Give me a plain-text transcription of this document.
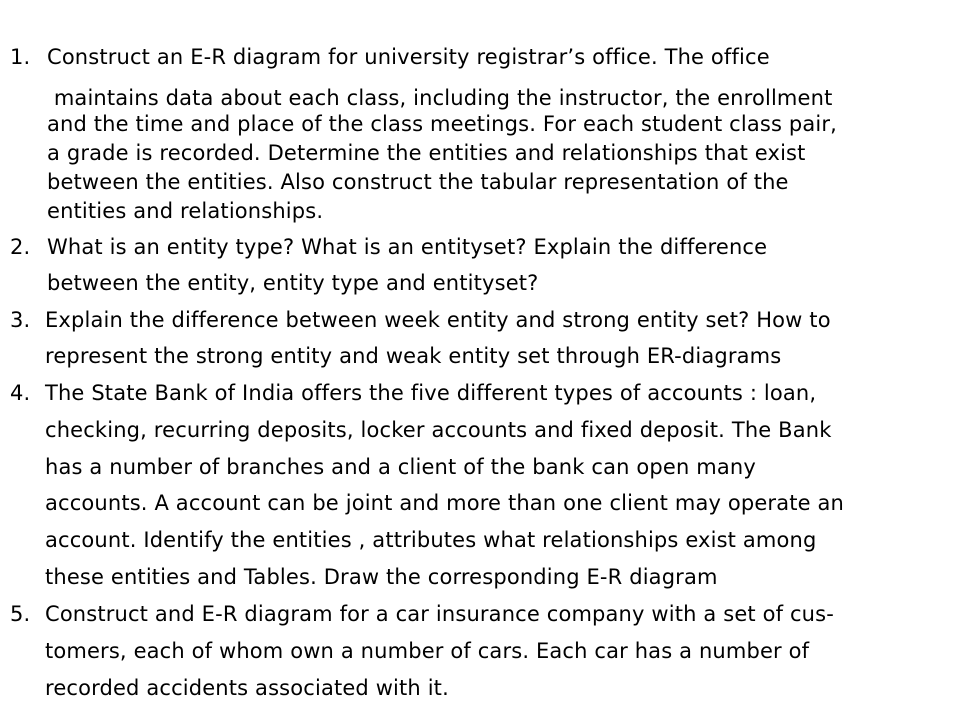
1. Construct an E-R diagram for university registrar’s office. The office
maintains data about each class, including the instructor, the enrollment
and the time and place of the class meetings. For each student class pair,
a grade is recorded. Determine the entities and relationships that exist
between the entities. Also construct the tabular representation of the
entities and relationships.
2. What is an entity type? What is an entityset? Explain the difference
between the entity, entity type and entityset?
3. Explain the difference between week entity and strong entity set? How to
represent the strong entity and weak entity set through ER-diagrams
4. The State Bank of India offers the five different types of accounts : loan,
checking, recurring deposits, locker accounts and fixed deposit. The Bank
has a number of branches and a client of the bank can open many
accounts. A account can be joint and more than one client may operate an
account. Identify the entities , attributes what relationships exist among
these entities and Tables. Draw the corresponding E-R diagram
5. Construct and E-R diagram for a car insurance company with a set of cus-
tomers, each of whom own a number of cars. Each car has a number of
recorded accidents associated with it.
